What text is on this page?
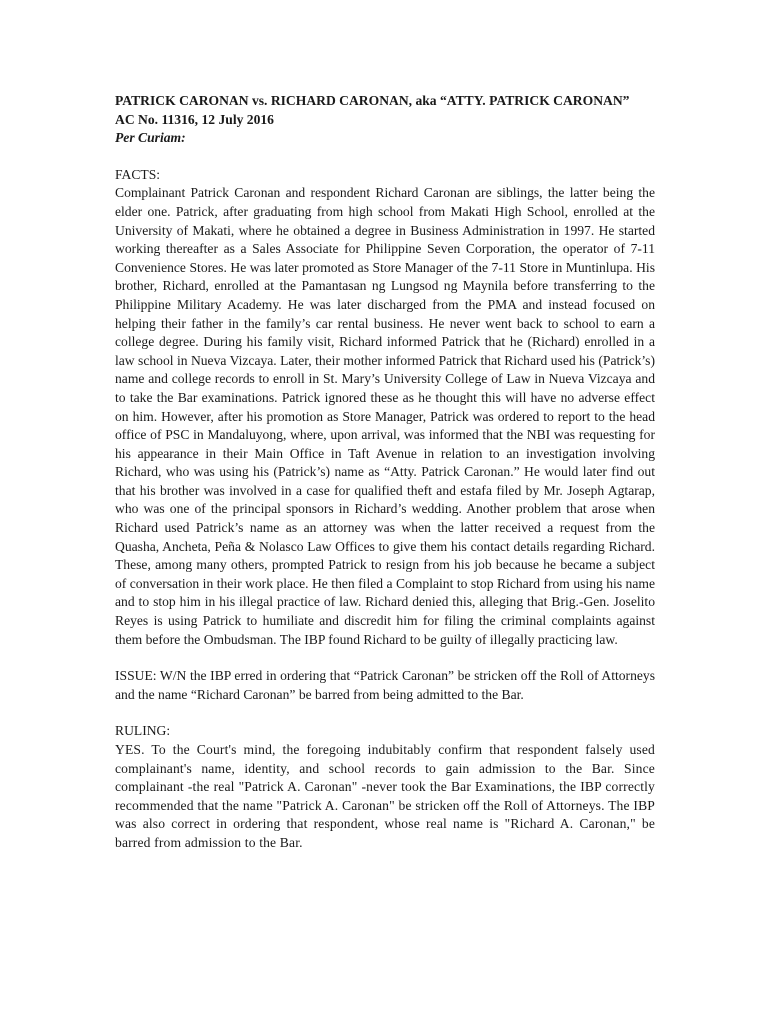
PATRICK CARONAN vs. RICHARD CARONAN, aka “ATTY. PATRICK CARONAN”

AC No. 11316, 12 July 2016

Per Curiam:

FACTS:

Complainant Patrick Caronan and respondent Richard Caronan are siblings, the latter being the elder one. Patrick, after graduating from high school from Makati High School, enrolled at the University of Makati, where he obtained a degree in Business Administration in 1997. He started working thereafter as a Sales Associate for Philippine Seven Corporation, the operator of 7-11 Convenience Stores. He was later promoted as Store Manager of the 7-11 Store in Muntinlupa. His brother, Richard, enrolled at the Pamantasan ng Lungsod ng Maynila before transferring to the Philippine Military Academy. He was later discharged from the PMA and instead focused on helping their father in the family’s car rental business. He never went back to school to earn a college degree. During his family visit, Richard informed Patrick that he (Richard) enrolled in a law school in Nueva Vizcaya. Later, their mother informed Patrick that Richard used his (Patrick’s) name and college records to enroll in St. Mary’s University College of Law in Nueva Vizcaya and to take the Bar examinations. Patrick ignored these as he thought this will have no adverse effect on him. However, after his promotion as Store Manager, Patrick was ordered to report to the head office of PSC in Mandaluyong, where, upon arrival, was informed that the NBI was requesting for his appearance in their Main Office in Taft Avenue in relation to an investigation involving Richard, who was using his (Patrick’s) name as “Atty. Patrick Caronan.” He would later find out that his brother was involved in a case for qualified theft and estafa filed by Mr. Joseph Agtarap, who was one of the principal sponsors in Richard’s wedding. Another problem that arose when Richard used Patrick’s name as an attorney was when the latter received a request from the Quasha, Ancheta, Peña & Nolasco Law Offices to give them his contact details regarding Richard. These, among many others, prompted Patrick to resign from his job because he became a subject of conversation in their work place. He then filed a Complaint to stop Richard from using his name and to stop him in his illegal practice of law. Richard denied this, alleging that Brig.-Gen. Joselito Reyes is using Patrick to humiliate and discredit him for filing the criminal complaints against them before the Ombudsman. The IBP found Richard to be guilty of illegally practicing law.

ISSUE: W/N the IBP erred in ordering that “Patrick Caronan” be stricken off the Roll of Attorneys and the name “Richard Caronan” be barred from being admitted to the Bar.

RULING:

YES. To the Court's mind, the foregoing indubitably confirm that respondent falsely used complainant's name, identity, and school records to gain admission to the Bar. Since complainant -the real "Patrick A. Caronan" -never took the Bar Examinations, the IBP correctly recommended that the name "Patrick A. Caronan" be stricken off the Roll of Attorneys. The IBP was also correct in ordering that respondent, whose real name is "Richard A. Caronan," be barred from admission to the Bar.
